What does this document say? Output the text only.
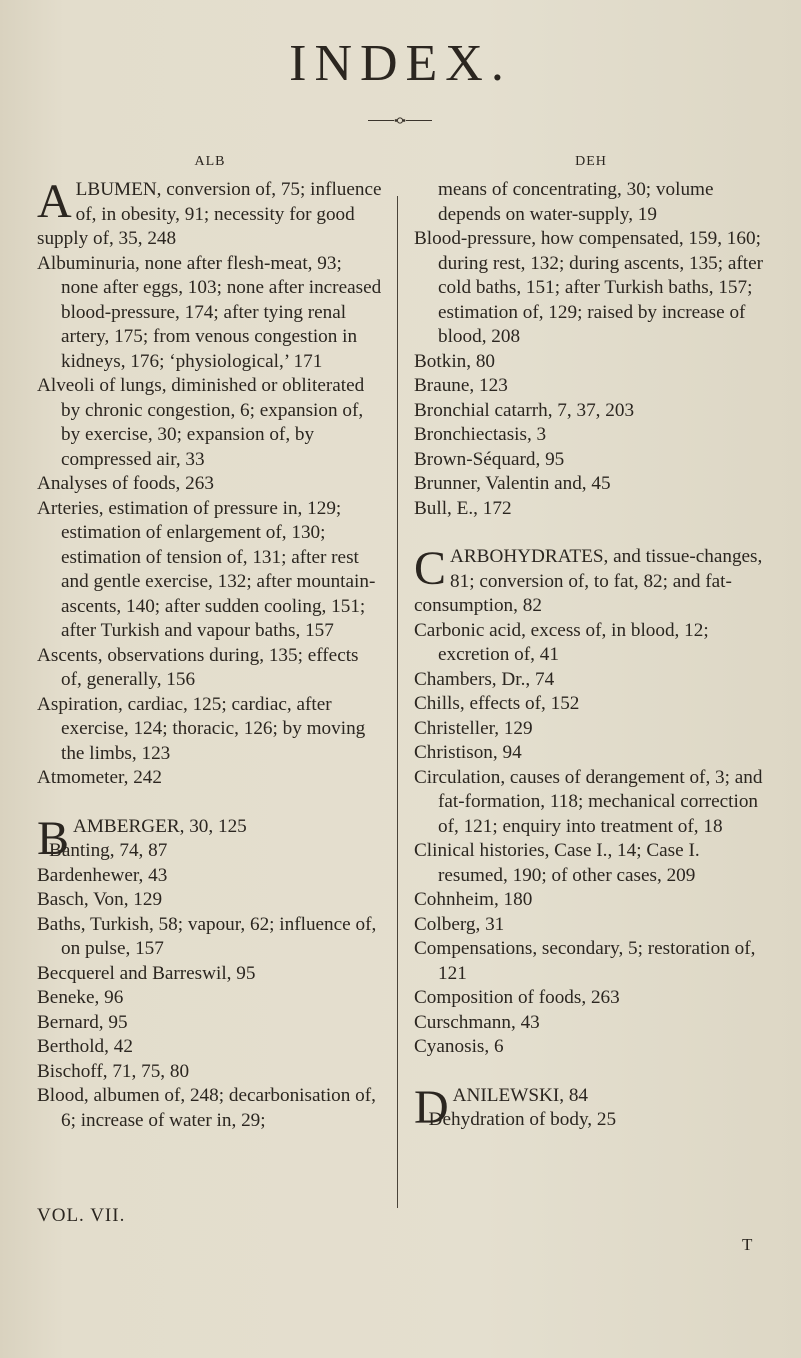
INDEX.
ALB

ALBUMEN, conversion of, 75; influence of, in obesity, 91; necessity for good supply of, 35, 248

Albuminuria, none after flesh-meat, 93; none after eggs, 103; none after increased blood-pressure, 174; after tying renal artery, 175; from venous congestion in kidneys, 176; ‘physiological,’ 171

Alveoli of lungs, diminished or obliterated by chronic congestion, 6; expansion of, by exercise, 30; expansion of, by compressed air, 33

Analyses of foods, 263

Arteries, estimation of pressure in, 129; estimation of enlargement of, 130; estimation of tension of, 131; after rest and gentle exercise, 132; after mountain-ascents, 140; after sudden cooling, 151; after Turkish and vapour baths, 157

Ascents, observations during, 135; effects of, generally, 156

Aspiration, cardiac, 125; cardiac, after exercise, 124; thoracic, 126; by moving the limbs, 123

Atmometer, 242

BAMBERGER, 30, 125

Banting, 74, 87

Bardenhewer, 43

Basch, Von, 129

Baths, Turkish, 58; vapour, 62; influence of, on pulse, 157

Becquerel and Barreswil, 95

Beneke, 96

Bernard, 95

Berthold, 42

Bischoff, 71, 75, 80

Blood, albumen of, 248; decarbonisation of, 6; increase of water in, 29;

DEH

means of concentrating, 30; volume depends on water-supply, 19

Blood-pressure, how compensated, 159, 160; during rest, 132; during ascents, 135; after cold baths, 151; after Turkish baths, 157; estimation of, 129; raised by increase of blood, 208

Botkin, 80

Braune, 123

Bronchial catarrh, 7, 37, 203

Bronchiectasis, 3

Brown-Séquard, 95

Brunner, Valentin and, 45

Bull, E., 172

CARBOHYDRATES, and tissue-changes, 81; conversion of, to fat, 82; and fat-consumption, 82

Carbonic acid, excess of, in blood, 12; excretion of, 41

Chambers, Dr., 74

Chills, effects of, 152

Christeller, 129

Christison, 94

Circulation, causes of derangement of, 3; and fat-formation, 118; mechanical correction of, 121; enquiry into treatment of, 18

Clinical histories, Case I., 14; Case I. resumed, 190; of other cases, 209

Cohnheim, 180

Colberg, 31

Compensations, secondary, 5; restoration of, 121

Composition of foods, 263

Curschmann, 43

Cyanosis, 6

DANILEWSKI, 84

Dehydration of body, 25

VOL. VII.
T
